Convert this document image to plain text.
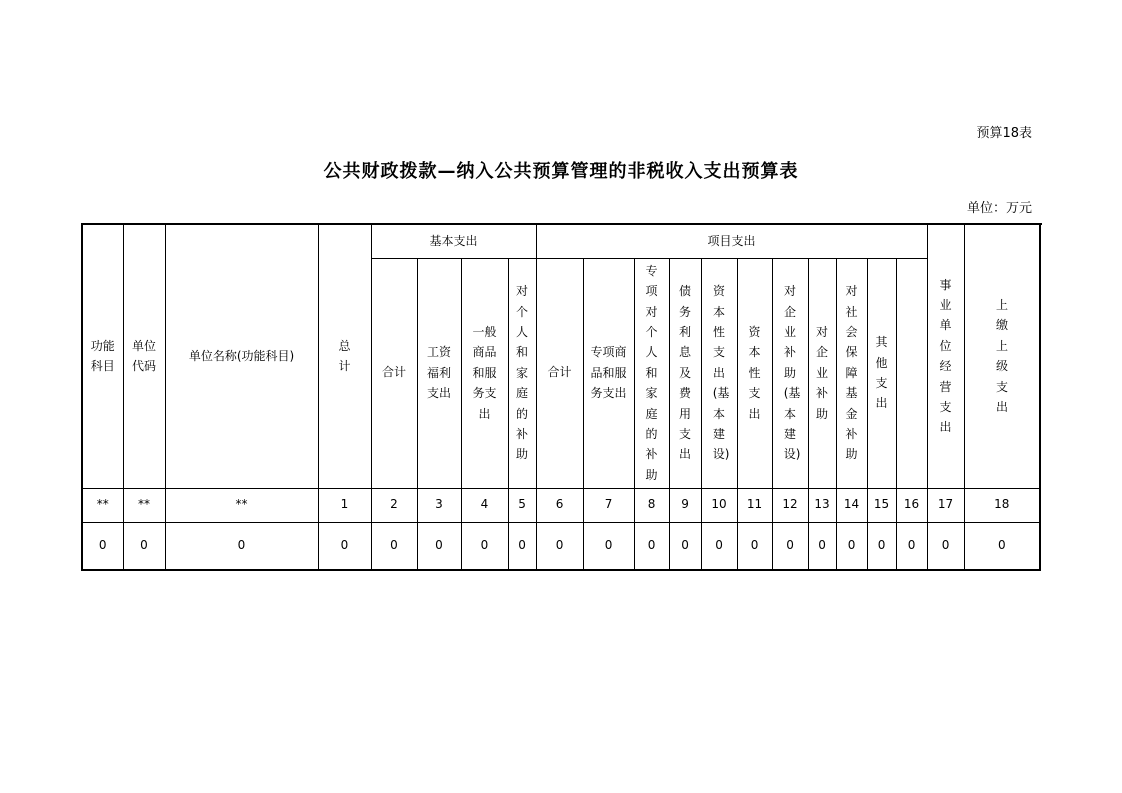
预算18表
公共财政拨款—纳入公共预算管理的非税收入支出预算表
单位：万元
功能科目	单位代码	单位名称(功能科目)	总计	基本支出				项目支出											事业单位经营支出	上缴上级支出	
				合计	工资福利支出	一般商品和服务支出	对个人和家庭的补助	合计	专项商品和服务支出	专项对个人和家庭的补助	债务利息及费用支出	资本性支出(基本建设)	资本性支出	对企业补助(基本建设)	对企业补助	对社会保障基金补助	其他支出				
**	**	**	1	2	3	4	5	6	7	8	9	10	11	12	13	14	15	16	17	18	
0	0	0	0	0	0	0	0	0	0	0	0	0	0	0	0	0	0	0	0	0	
